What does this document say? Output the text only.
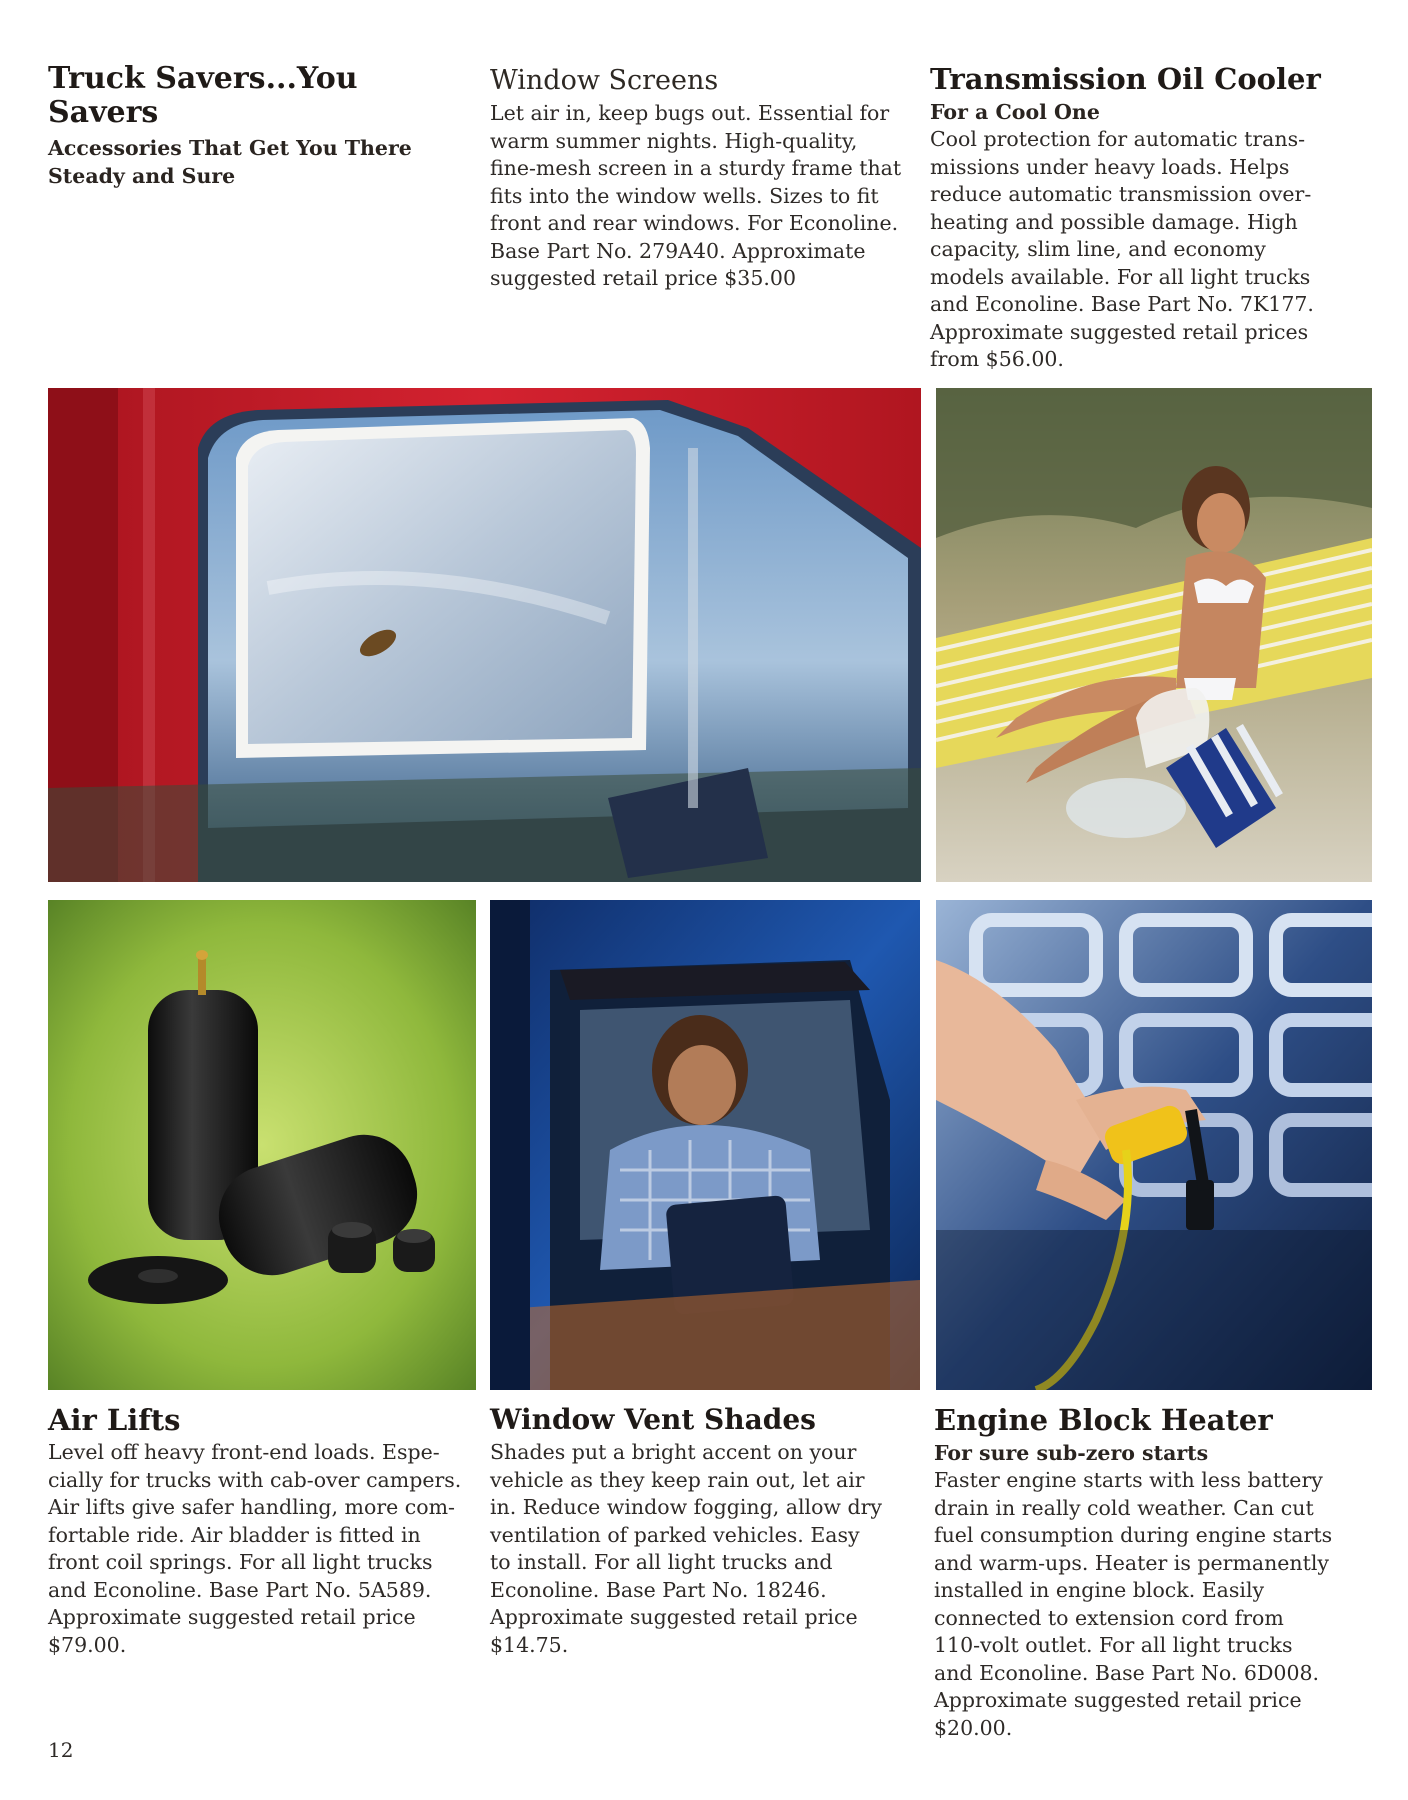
Truck Savers...You Savers

Accessories That Get You There
Steady and Sure

Window Screens

Let air in, keep bugs out. Essential for
warm summer nights. High-quality,
fine-mesh screen in a sturdy frame that
fits into the window wells. Sizes to fit
front and rear windows. For Econoline.
Base Part No. 279A40. Approximate
suggested retail price $35.00

Transmission Oil Cooler

For a Cool One

Cool protection for automatic trans-
missions under heavy loads. Helps
reduce automatic transmission over-
heating and possible damage. High
capacity, slim line, and economy
models available. For all light trucks
and Econoline. Base Part No. 7K177.
Approximate suggested retail prices
from $56.00.

Air Lifts

Level off heavy front-end loads. Espe-
cially for trucks with cab-over campers.
Air lifts give safer handling, more com-
fortable ride. Air bladder is fitted in
front coil springs. For all light trucks
and Econoline. Base Part No. 5A589.
Approximate suggested retail price
$79.00.

Window Vent Shades

Shades put a bright accent on your
vehicle as they keep rain out, let air
in. Reduce window fogging, allow dry
ventilation of parked vehicles. Easy
to install. For all light trucks and
Econoline. Base Part No. 18246.
Approximate suggested retail price
$14.75.

Engine Block Heater

For sure sub-zero starts

Faster engine starts with less battery
drain in really cold weather. Can cut
fuel consumption during engine starts
and warm-ups. Heater is permanently
installed in engine block. Easily
connected to extension cord from
110-volt outlet. For all light trucks
and Econoline. Base Part No. 6D008.
Approximate suggested retail price
$20.00.

12
